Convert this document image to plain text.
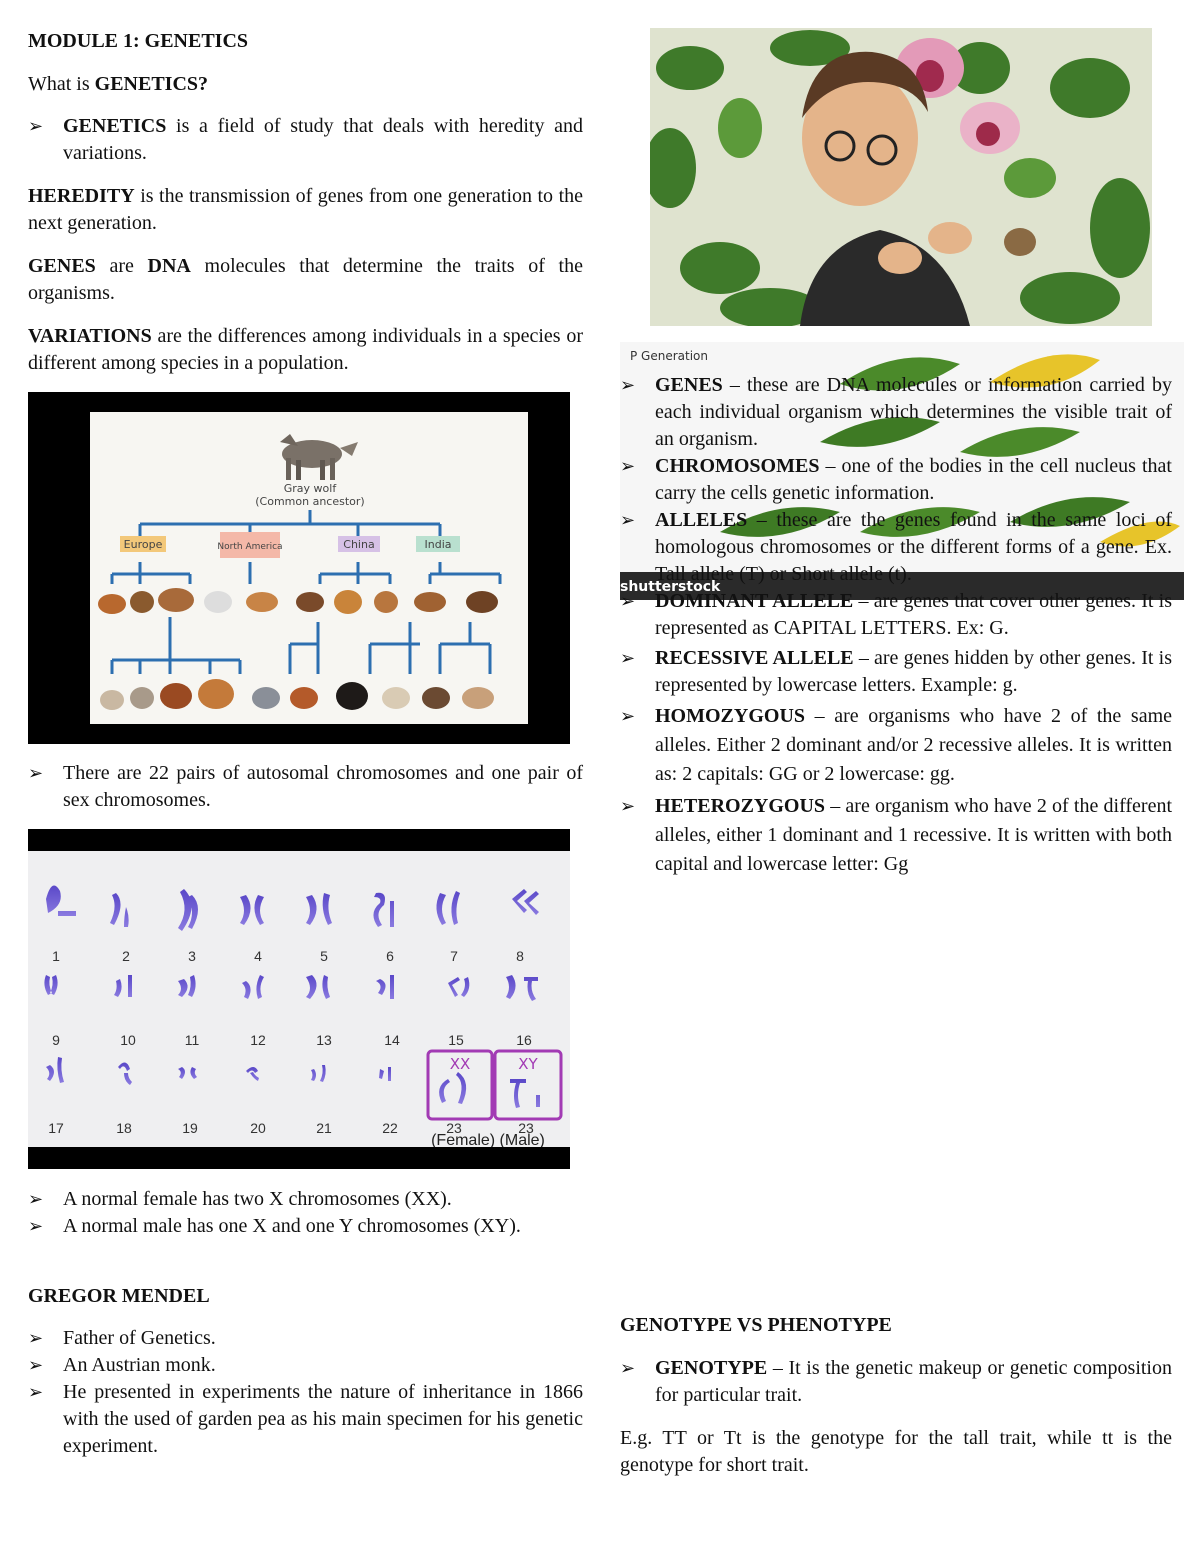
MODULE 1: GENETICS

What is GENETICS?

➢ GENETICS is a field of study that deals with heredity and variations.

HEREDITY is the transmission of genes from one generation to the next generation.

GENES are DNA molecules that determine the traits of the organisms.

VARIATIONS are the differences among individuals in a species or different among species in a population.

Gray wolf
(Common ancestor)
Europe	North America	China	India
➢ There are 22 pairs of autosomal chromosomes and one pair of sex chromosomes.
XX	XY
1	2	3	4	5	6	7	8
9	10	11	12	13	14	15	16
17	18	19	20	21	22	23	23
(Female) (Male)
➢ A normal female has two X chromosomes (XX).
➢ A normal male has one X and one Y chromosomes (XY).
GREGOR MENDEL
➢ Father of Genetics.
➢ An Austrian monk.
➢ He presented in experiments the nature of inheritance in 1866 with the used of garden pea as his main specimen for his genetic experiment.
P Generation
shutterstock
➢ GENES – these are DNA molecules or information carried by each individual organism which determines the visible trait of an organism.
➢ CHROMOSOMES – one of the bodies in the cell nucleus that carry the cells genetic information.
➢ ALLELES – these are the genes found in the same loci of homologous chromosomes or the different forms of a gene. Ex. Tall allele (T) or Short allele (t).
➢ DOMINANT ALLELE – are genes that cover other genes. It is represented as CAPITAL LETTERS. Ex: G.
➢ RECESSIVE ALLELE – are genes hidden by other genes. It is represented by lowercase letters. Example: g.
➢ HOMOZYGOUS – are organisms who have 2 of the same alleles. Either 2 dominant and/or 2 recessive alleles. It is written as: 2 capitals: GG or 2 lowercase: gg.
➢ HETEROZYGOUS – are organism who have 2 of the different alleles, either 1 dominant and 1 recessive. It is written with both capital and lowercase letter: Gg
GENOTYPE VS PHENOTYPE
➢ GENOTYPE – It is the genetic makeup or genetic composition for particular trait.

E.g. TT or Tt is the genotype for the tall trait, while tt is the genotype for short trait.
